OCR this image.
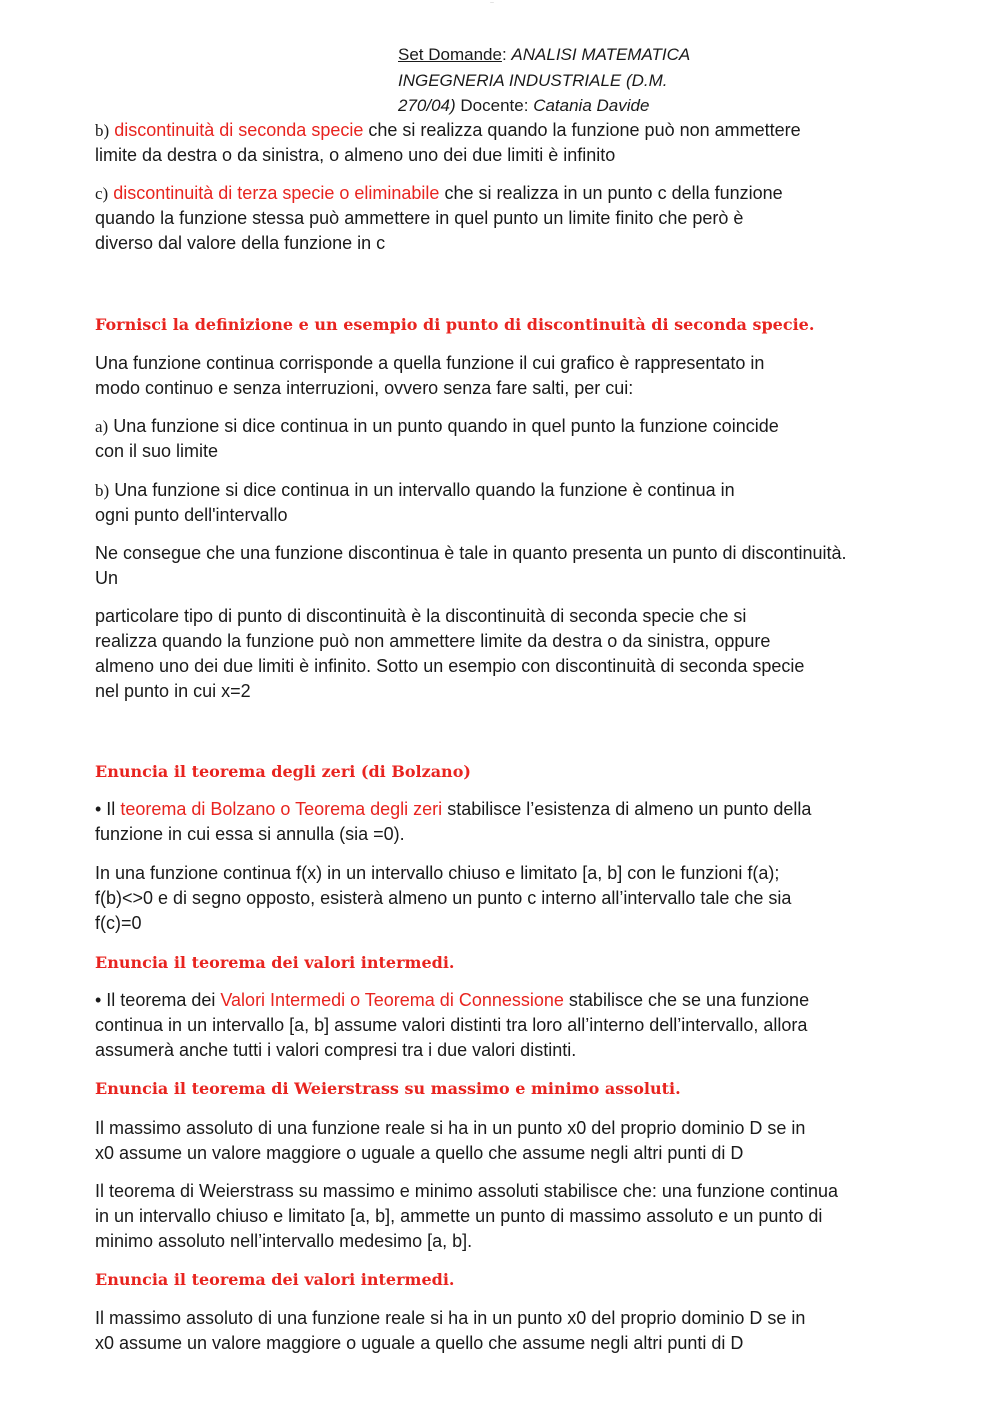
—
Set Domande: ANALISI MATEMATICA
INGEGNERIA INDUSTRIALE (D.M.
270/04) Docente: Catania Davide

b) discontinuità di seconda specie che si realizza quando la funzione può non ammettere
limite da destra o da sinistra, o almeno uno dei due limiti è infinito

c) discontinuità di terza specie o eliminabile che si realizza in un punto c della funzione
quando la funzione stessa può ammettere in quel punto un limite finito che però è
diverso dal valore della funzione in c

Fornisci la definizione e un esempio di punto di discontinuità di seconda specie.

Una funzione continua corrisponde a quella funzione il cui grafico è rappresentato in
modo continuo e senza interruzioni, ovvero senza fare salti, per cui:

a) Una funzione si dice continua in un punto quando in quel punto la funzione coincide
con il suo limite

b) Una funzione si dice continua in un intervallo quando la funzione è continua in
ogni punto dell'intervallo

Ne consegue che una funzione discontinua è tale in quanto presenta un punto di discontinuità.
Un

particolare tipo di punto di discontinuità è la discontinuità di seconda specie che si
realizza quando la funzione può non ammettere limite da destra o da sinistra, oppure
almeno uno dei due limiti è infinito. Sotto un esempio con discontinuità di seconda specie
nel punto in cui x=2

Enuncia il teorema degli zeri (di Bolzano)

• Il teorema di Bolzano o Teorema degli zeri stabilisce l’esistenza di almeno un punto della
funzione in cui essa si annulla (sia =0).

In una funzione continua f(x) in un intervallo chiuso e limitato [a, b] con le funzioni f(a);
f(b)<>0 e di segno opposto, esisterà almeno un punto c interno all’intervallo tale che sia
f(c)=0

Enuncia il teorema dei valori intermedi.

• Il teorema dei Valori Intermedi o Teorema di Connessione stabilisce che se una funzione
continua in un intervallo [a, b] assume valori distinti tra loro all’interno dell’intervallo, allora
assumerà anche tutti i valori compresi tra i due valori distinti.

Enuncia il teorema di Weierstrass su massimo e minimo assoluti.

Il massimo assoluto di una funzione reale si ha in un punto x0 del proprio dominio D se in
x0 assume un valore maggiore o uguale a quello che assume negli altri punti di D

Il teorema di Weierstrass su massimo e minimo assoluti stabilisce che: una funzione continua
in un intervallo chiuso e limitato [a, b], ammette un punto di massimo assoluto e un punto di
minimo assoluto nell’intervallo medesimo [a, b].

Enuncia il teorema dei valori intermedi.

Il massimo assoluto di una funzione reale si ha in un punto x0 del proprio dominio D se in
x0 assume un valore maggiore o uguale a quello che assume negli altri punti di D
